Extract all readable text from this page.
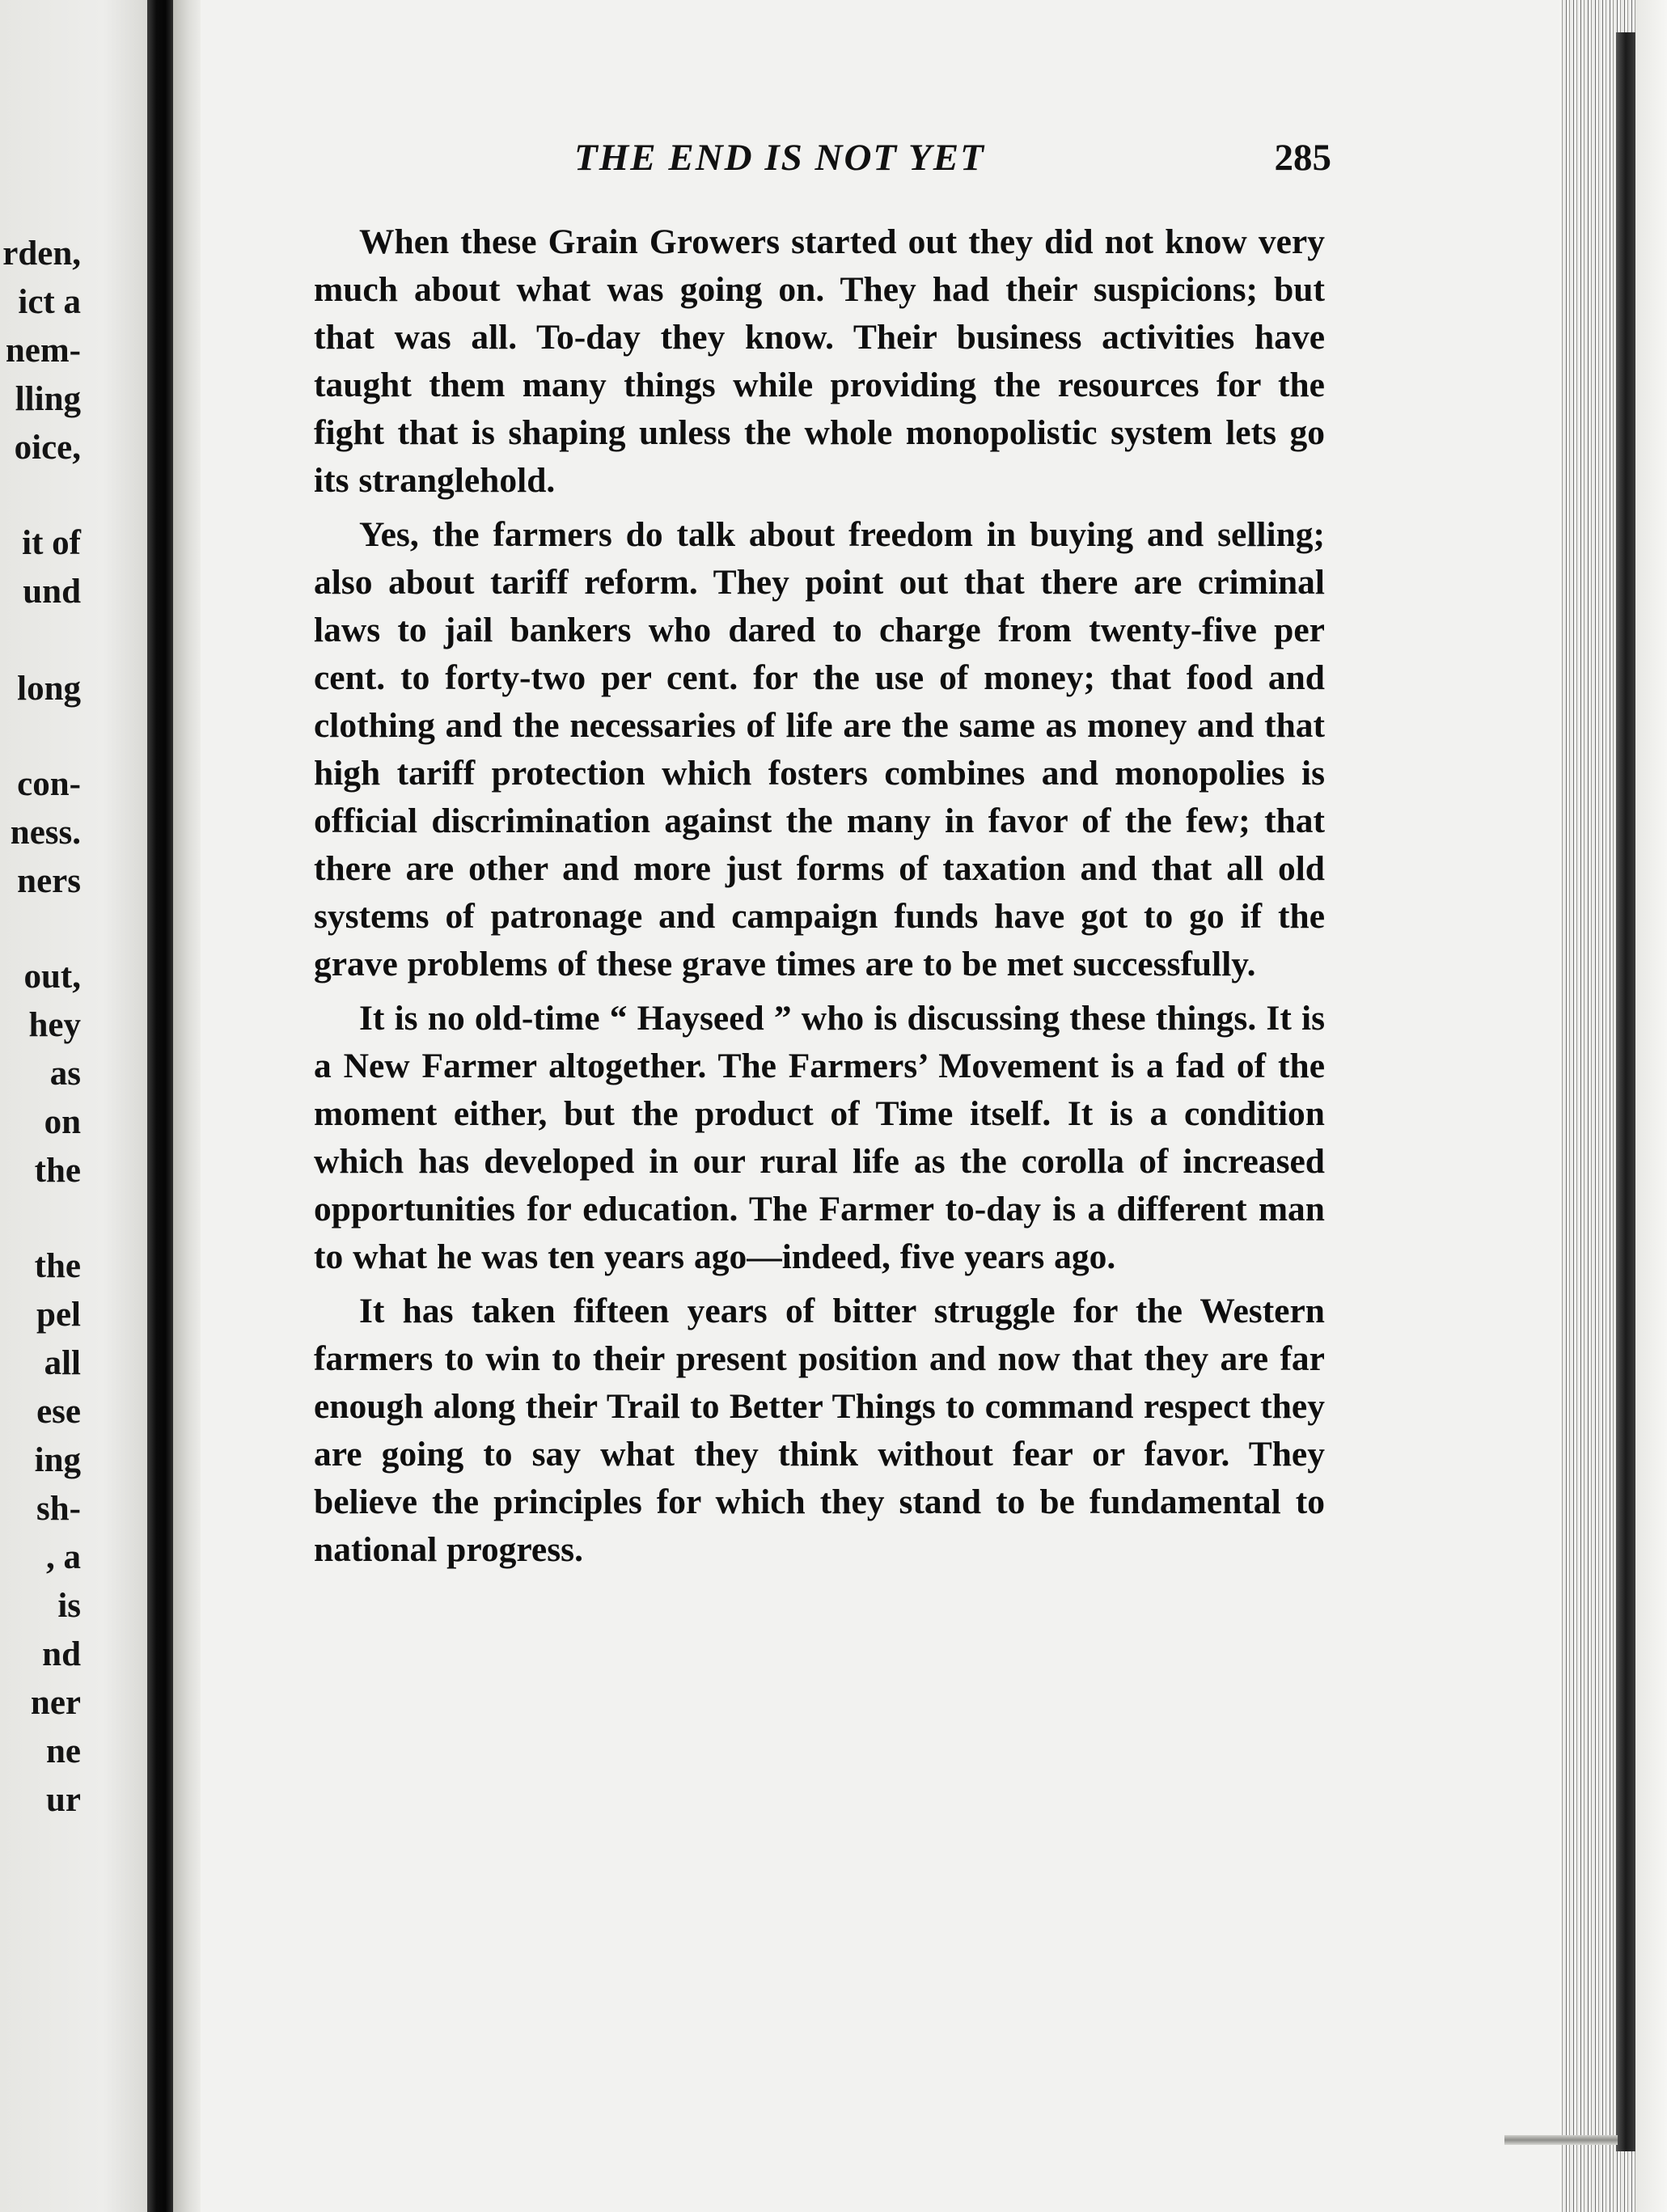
rden,
ict a
nem-
lling
oice,
it of
und
long
con-
ness.
ners
out,
hey
as
on
the
the
pel
all
ese
ing
sh-
, a
is
nd
ner
ne
ur
THE END IS NOT YET	285

When these Grain Growers started out they did not know very much about what was going on. They had their suspicions; but that was all. To-day they know. Their business activities have taught them many things while providing the resources for the fight that is shaping unless the whole monopolistic system lets go its stranglehold.

Yes, the farmers do talk about freedom in buying and selling; also about tariff reform. They point out that there are criminal laws to jail bankers who dared to charge from twenty-five per cent. to forty-two per cent. for the use of money; that food and clothing and the necessaries of life are the same as money and that high tariff protection which fosters combines and monopolies is official discrimination against the many in favor of the few; that there are other and more just forms of taxation and that all old systems of patronage and campaign funds have got to go if the grave problems of these grave times are to be met successfully.

It is no old-time “ Hayseed ” who is discussing these things. It is a New Farmer altogether. The Farmers’ Movement is a fad of the moment either, but the product of Time itself. It is a condition which has developed in our rural life as the corolla of increased opportunities for education. The Farmer to-day is a different man to what he was ten years ago—indeed, five years ago.

It has taken fifteen years of bitter struggle for the Western farmers to win to their present position and now that they are far enough along their Trail to Better Things to command respect they are going to say what they think without fear or favor. They believe the principles for which they stand to be fundamental to national progress.
